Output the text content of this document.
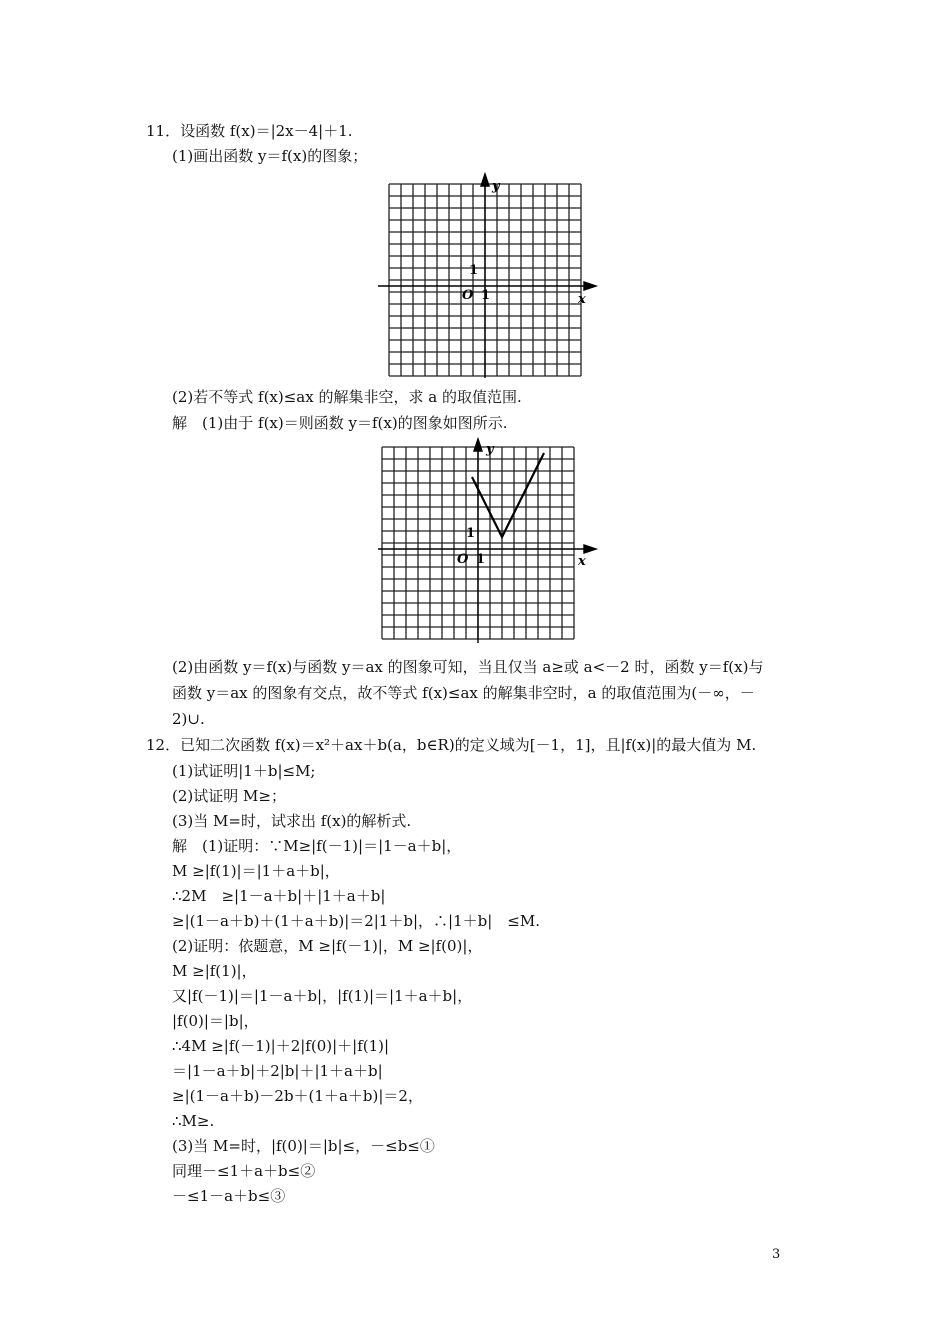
11．设函数 f(x)＝|2x－4|＋1.
(1)画出函数 y＝f(x)的图象；
y
x
O 1
1
(2)若不等式 f(x)≤ax 的解集非空，求 a 的取值范围.
解　(1)由于 f(x)＝则函数 y＝f(x)的图象如图所示.
y
x
O 1
1
(2)由函数 y＝f(x)与函数 y＝ax 的图象可知，当且仅当 a≥或 a<－2 时，函数 y＝f(x)与
函数 y＝ax 的图象有交点，故不等式 f(x)≤ax 的解集非空时，a 的取值范围为(－∞，－
2)∪.
12．已知二次函数 f(x)＝x²＋ax＋b(a，b∈R)的定义域为[－1，1]，且|f(x)|的最大值为 M.
(1)试证明|1＋b|≤M;
(2)试证明 M≥；
(3)当 M=时，试求出 f(x)的解析式.
解　(1)证明：∵M≥|f(－1)|＝|1－a＋b|，
M ≥|f(1)|＝|1＋a＋b|，
∴2M　≥|1－a＋b|＋|1＋a＋b|
≥|(1－a＋b)＋(1＋a＋b)|＝2|1＋b|，∴|1＋b|　≤M.
(2)证明：依题意，M ≥|f(－1)|，M ≥|f(0)|，
M ≥|f(1)|，
又|f(－1)|＝|1－a＋b|，|f(1)|＝|1＋a＋b|，
|f(0)|＝|b|，
∴4M ≥|f(－1)|＋2|f(0)|＋|f(1)|
＝|1－a＋b|＋2|b|＋|1＋a＋b|
≥|(1－a＋b)－2b＋(1＋a＋b)|＝2，
∴M≥.
(3)当 M=时，|f(0)|＝|b|≤，－≤b≤①
同理－≤1＋a＋b≤②
－≤1－a＋b≤③
3
